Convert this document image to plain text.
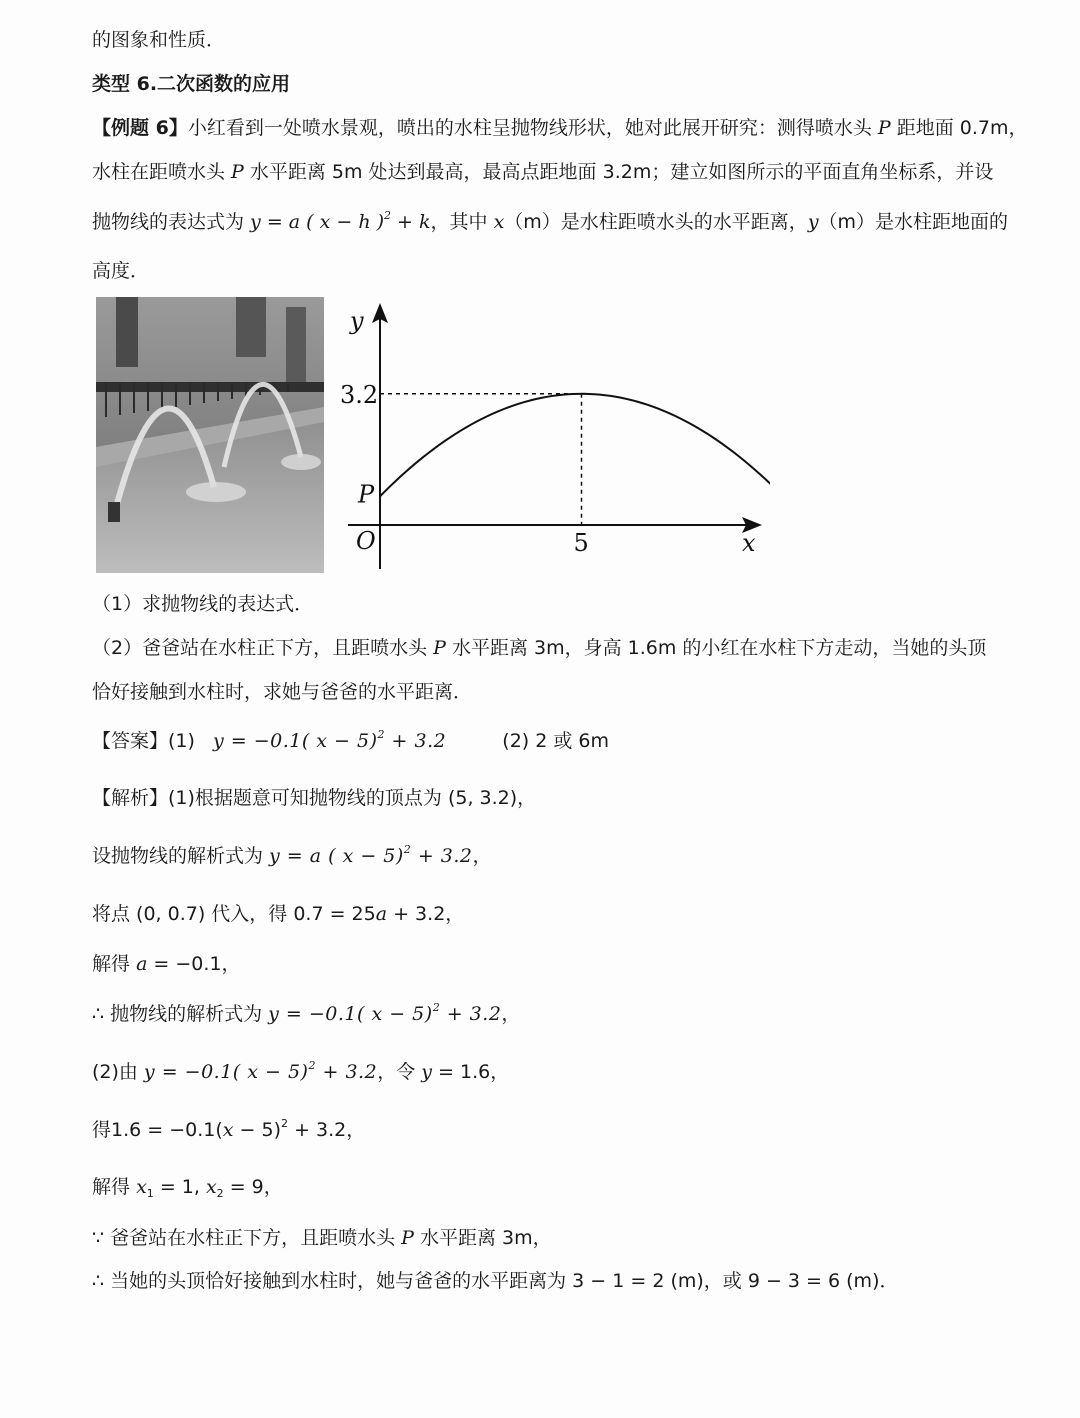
的图象和性质．
类型 6.二次函数的应用
【例题 6】小红看到一处喷水景观，喷出的水柱呈抛物线形状，她对此展开研究：测得喷水头 P 距地面 0.7m，
水柱在距喷水头 P 水平距离 5m 处达到最高，最高点距地面 3.2m；建立如图所示的平面直角坐标系，并设
抛物线的表达式为 y = a ( x − h )$^2$ + k，其中 x（m）是水柱距喷水头的水平距离，y（m）是水柱距地面的
高度．
y
x
O
P
3.2
5
（1）求抛物线的表达式．
（2）爸爸站在水柱正下方，且距喷水头 P 水平距离 3m，身高 1.6m 的小红在水柱下方走动，当她的头顶
恰好接触到水柱时，求她与爸爸的水平距离．
【答案】(1) y = −0.1( x − 5)$^2$ + 3.2	(2) 2 或 6m
【解析】(1)根据题意可知抛物线的顶点为 (5, 3.2)，
设抛物线的解析式为 y = a ( x − 5)$^2$ + 3.2，
将点 (0, 0.7) 代入，得 0.7 = 25a + 3.2，
解得 a = −0.1，
∴ 抛物线的解析式为 y = −0.1( x − 5)$^2$ + 3.2，
(2)由 y = −0.1( x − 5)$^2$ + 3.2，令 y = 1.6，
得$1.6 = -0.1(x - 5)^2 + 3.2$，
解得 $x_1 = 1$, $x_2 = 9$，
∵ 爸爸站在水柱正下方，且距喷水头 P 水平距离 3m，
∴ 当她的头顶恰好接触到水柱时，她与爸爸的水平距离为 3 − 1 = 2 (m)，或 9 − 3 = 6 (m)．
